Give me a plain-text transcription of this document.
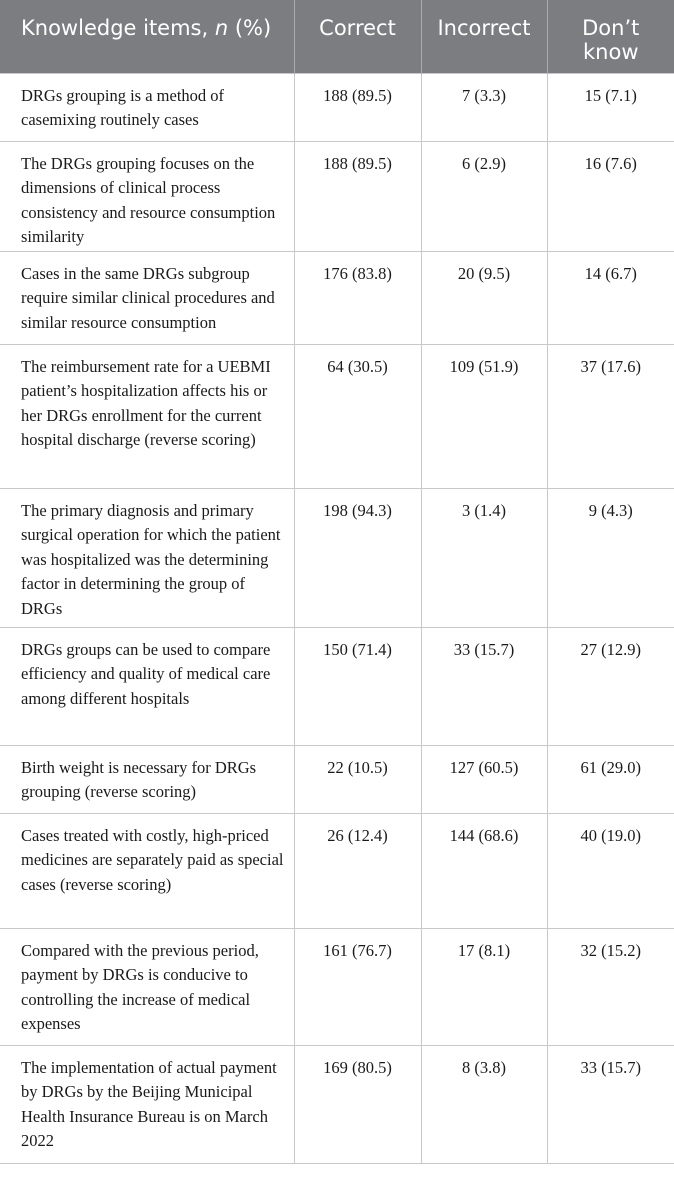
Knowledge items, n (%)	Correct	Incorrect	Don’t
know
DRGs grouping is a method of casemixing routinely cases	188 (89.5)	7 (3.3)	15 (7.1)
The DRGs grouping focuses on the dimensions of clinical process consistency and resource consumption similarity	188 (89.5)	6 (2.9)	16 (7.6)
Cases in the same DRGs subgroup require similar clinical procedures and similar resource consumption	176 (83.8)	20 (9.5)	14 (6.7)
The reimbursement rate for a UEBMI patient’s hospitalization affects his or her DRGs enrollment for the current hospital discharge (reverse scoring)	64 (30.5)	109 (51.9)	37 (17.6)
The primary diagnosis and primary surgical operation for which the patient was hospitalized was the determining factor in determining the group of DRGs	198 (94.3)	3 (1.4)	9 (4.3)
DRGs groups can be used to compare efficiency and quality of medical care among different hospitals	150 (71.4)	33 (15.7)	27 (12.9)
Birth weight is necessary for DRGs grouping (reverse scoring)	22 (10.5)	127 (60.5)	61 (29.0)
Cases treated with costly, high-priced medicines are separately paid as special cases (reverse scoring)	26 (12.4)	144 (68.6)	40 (19.0)
Compared with the previous period, payment by DRGs is conducive to controlling the increase of medical expenses	161 (76.7)	17 (8.1)	32 (15.2)
The implementation of actual payment by DRGs by the Beijing Municipal Health Insurance Bureau is on March 2022	169 (80.5)	8 (3.8)	33 (15.7)
